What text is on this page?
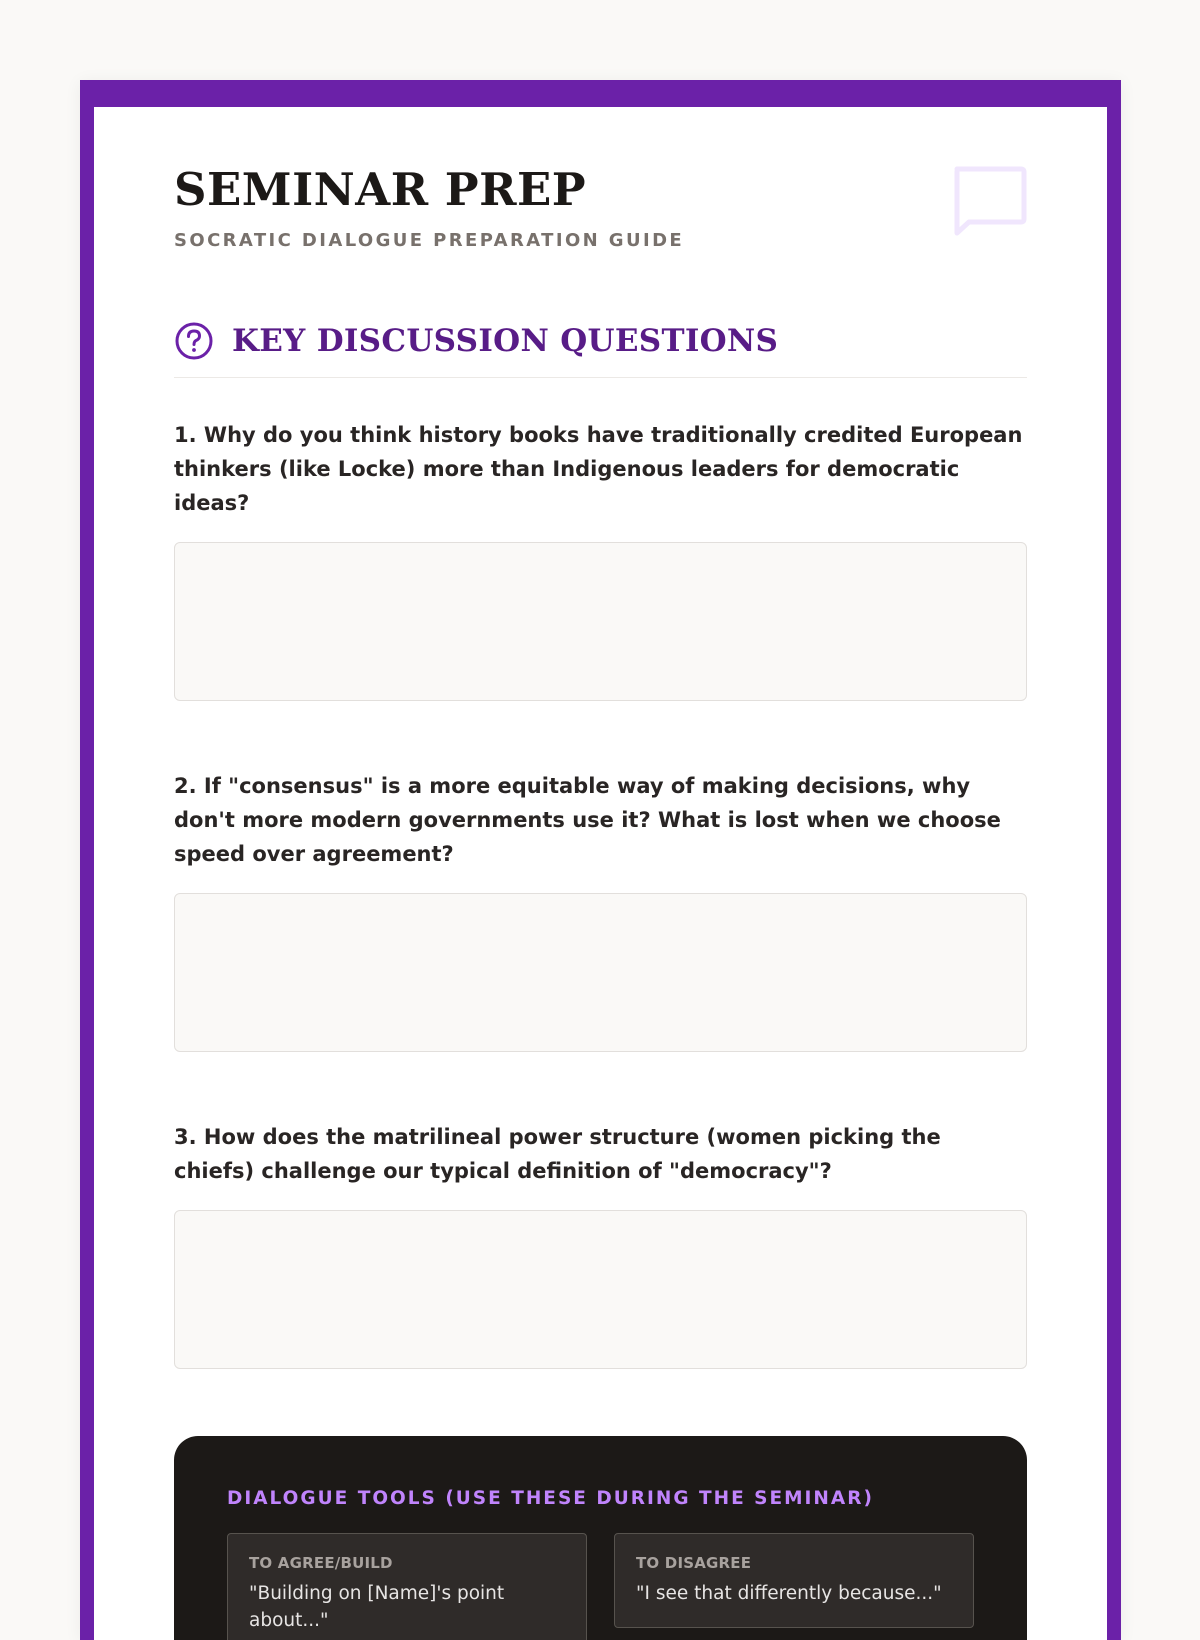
SEMINAR PREP
SOCRATIC DIALOGUE PREPARATION GUIDE
KEY DISCUSSION QUESTIONS

1. Why do you think history books have traditionally credited European thinkers (like Locke) more than Indigenous leaders for democratic ideas?

2. If "consensus" is a more equitable way of making decisions, why don't more modern governments use it? What is lost when we choose speed over agreement?

3. How does the matrilineal power structure (women picking the chiefs) challenge our typical definition of "democracy"?

DIALOGUE TOOLS (USE THESE DURING THE SEMINAR)
TO AGREE/BUILD
"Building on [Name]'s point about..."
TO DISAGREE
"I see that differently because..."
